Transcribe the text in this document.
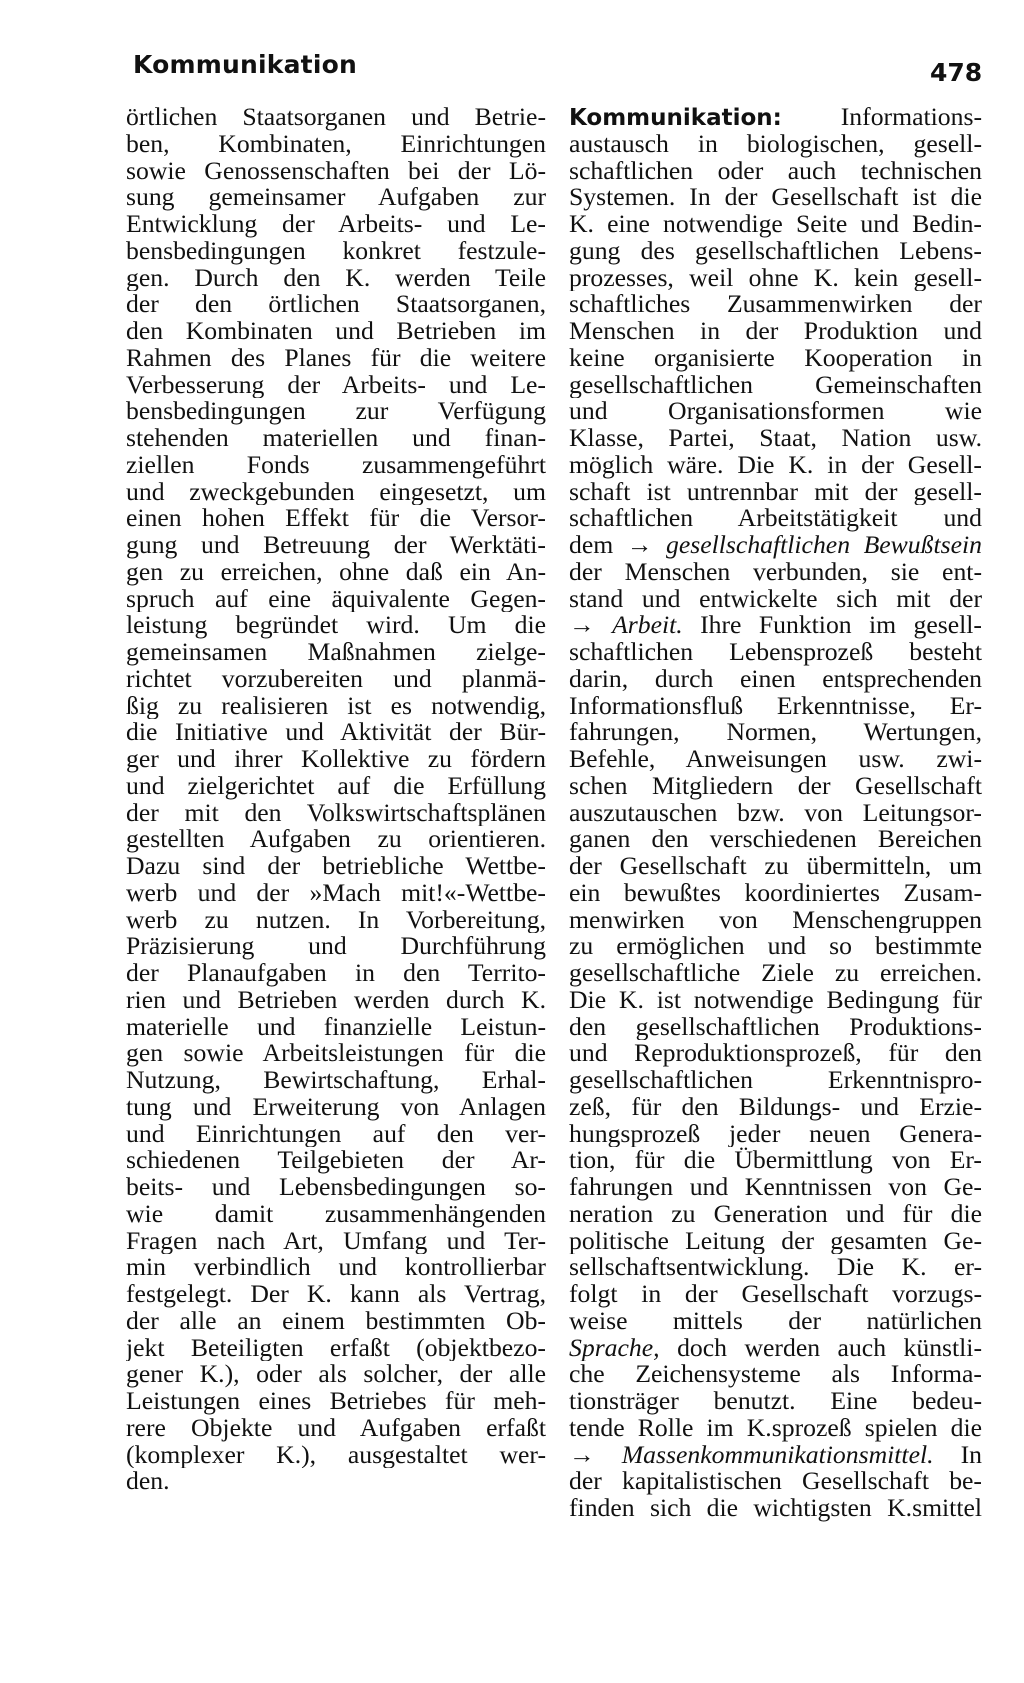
Kommunikation	478
örtlichen Staatsorganen und Betrie-
ben, Kombinaten, Einrichtungen
sowie Genossenschaften bei der Lö-
sung gemeinsamer Aufgaben zur
Entwicklung der Arbeits- und Le-
bensbedingungen konkret festzule-
gen. Durch den K. werden Teile
der den örtlichen Staatsorganen,
den Kombinaten und Betrieben im
Rahmen des Planes für die weitere
Verbesserung der Arbeits- und Le-
bensbedingungen zur Verfügung
stehenden materiellen und finan-
ziellen Fonds zusammengeführt
und zweckgebunden eingesetzt, um
einen hohen Effekt für die Versor-
gung und Betreuung der Werktäti-
gen zu erreichen, ohne daß ein An-
spruch auf eine äquivalente Gegen-
leistung begründet wird. Um die
gemeinsamen Maßnahmen zielge-
richtet vorzubereiten und planmä-
ßig zu realisieren ist es notwendig,
die Initiative und Aktivität der Bür-
ger und ihrer Kollektive zu fördern
und zielgerichtet auf die Erfüllung
der mit den Volkswirtschaftsplänen
gestellten Aufgaben zu orientieren.
Dazu sind der betriebliche Wettbe-
werb und der »Mach mit!«-Wettbe-
werb zu nutzen. In Vorbereitung,
Präzisierung und Durchführung
der Planaufgaben in den Territo-
rien und Betrieben werden durch K.
materielle und finanzielle Leistun-
gen sowie Arbeitsleistungen für die
Nutzung, Bewirtschaftung, Erhal-
tung und Erweiterung von Anlagen
und Einrichtungen auf den ver-
schiedenen Teilgebieten der Ar-
beits- und Lebensbedingungen so-
wie damit zusammenhängenden
Fragen nach Art, Umfang und Ter-
min verbindlich und kontrollierbar
festgelegt. Der K. kann als Vertrag,
der alle an einem bestimmten Ob-
jekt Beteiligten erfaßt (objektbezo-
gener K.), oder als solcher, der alle
Leistungen eines Betriebes für meh-
rere Objekte und Aufgaben erfaßt
(komplexer K.), ausgestaltet wer-
den.
Kommunikation: Informations-
austausch in biologischen, gesell-
schaftlichen oder auch technischen
Systemen. In der Gesellschaft ist die
K. eine notwendige Seite und Bedin-
gung des gesellschaftlichen Lebens-
prozesses, weil ohne K. kein gesell-
schaftliches Zusammenwirken der
Menschen in der Produktion und
keine organisierte Kooperation in
gesellschaftlichen Gemeinschaften
und Organisationsformen wie
Klasse, Partei, Staat, Nation usw.
möglich wäre. Die K. in der Gesell-
schaft ist untrennbar mit der gesell-
schaftlichen Arbeitstätigkeit und
dem → gesellschaftlichen Bewußtsein
der Menschen verbunden, sie ent-
stand und entwickelte sich mit der
→ Arbeit. Ihre Funktion im gesell-
schaftlichen Lebensprozeß besteht
darin, durch einen entsprechenden
Informationsfluß Erkenntnisse, Er-
fahrungen, Normen, Wertungen,
Befehle, Anweisungen usw. zwi-
schen Mitgliedern der Gesellschaft
auszutauschen bzw. von Leitungsor-
ganen den verschiedenen Bereichen
der Gesellschaft zu übermitteln, um
ein bewußtes koordiniertes Zusam-
menwirken von Menschengruppen
zu ermöglichen und so bestimmte
gesellschaftliche Ziele zu erreichen.
Die K. ist notwendige Bedingung für
den gesellschaftlichen Produktions-
und Reproduktionsprozeß, für den
gesellschaftlichen Erkenntnispro-
zeß, für den Bildungs- und Erzie-
hungsprozeß jeder neuen Genera-
tion, für die Übermittlung von Er-
fahrungen und Kenntnissen von Ge-
neration zu Generation und für die
politische Leitung der gesamten Ge-
sellschaftsentwicklung. Die K. er-
folgt in der Gesellschaft vorzugs-
weise mittels der natürlichen
Sprache, doch werden auch künstli-
che Zeichensysteme als Informa-
tionsträger benutzt. Eine bedeu-
tende Rolle im K.sprozeß spielen die
→ Massenkommunikationsmittel. In
der kapitalistischen Gesellschaft be-
finden sich die wichtigsten K.smittel
